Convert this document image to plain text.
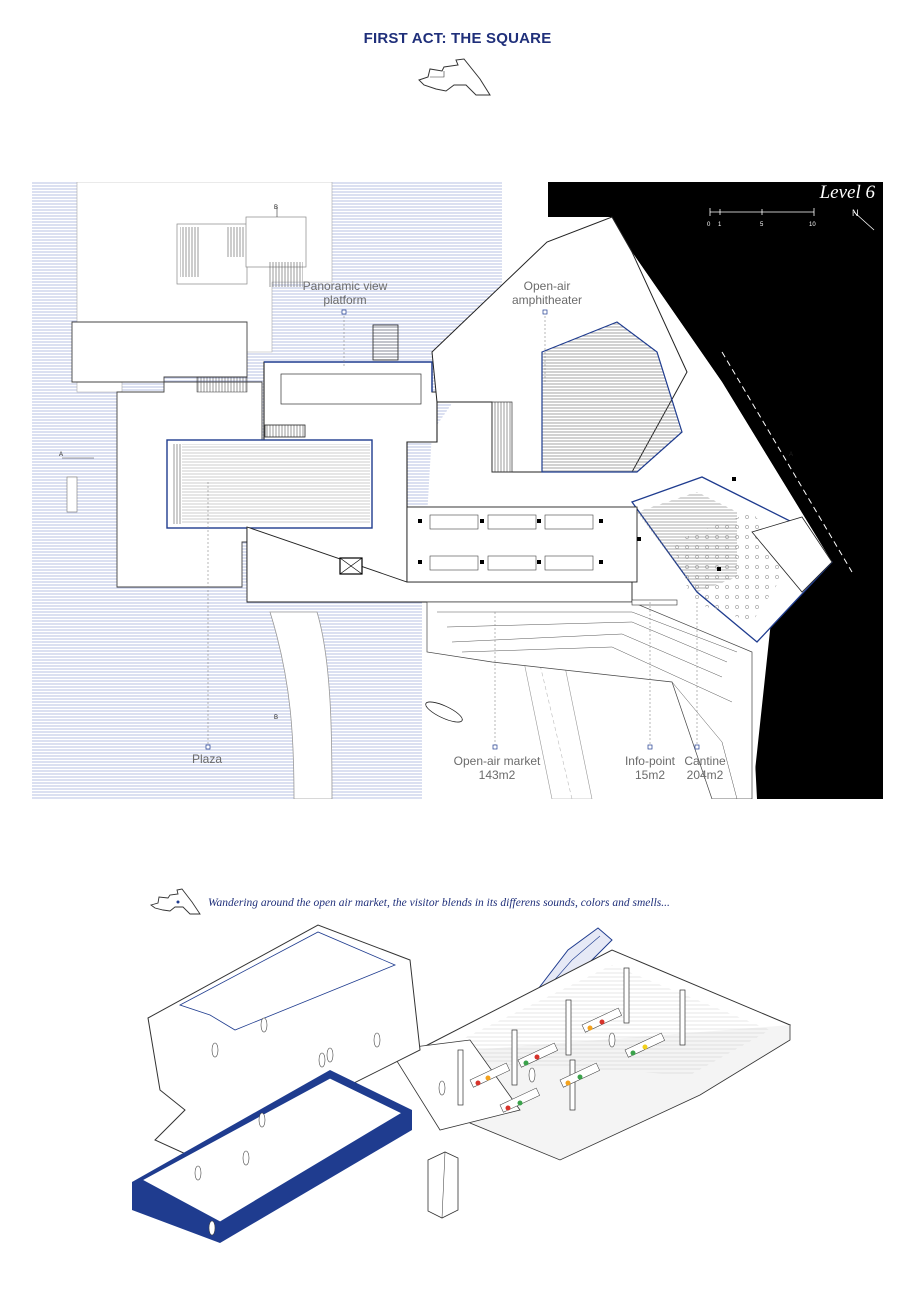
FIRST ACT: THE SQUARE
Level 6
0 1	5	10
N
B
B
A	A
Panoramic view
platform
Open-air
amphitheater
Plaza	Open-air market
143m2
Info-point
15m2
Cantine
204m2
Wandering around the open air market, the visitor blends in its differens sounds, colors and smells...
